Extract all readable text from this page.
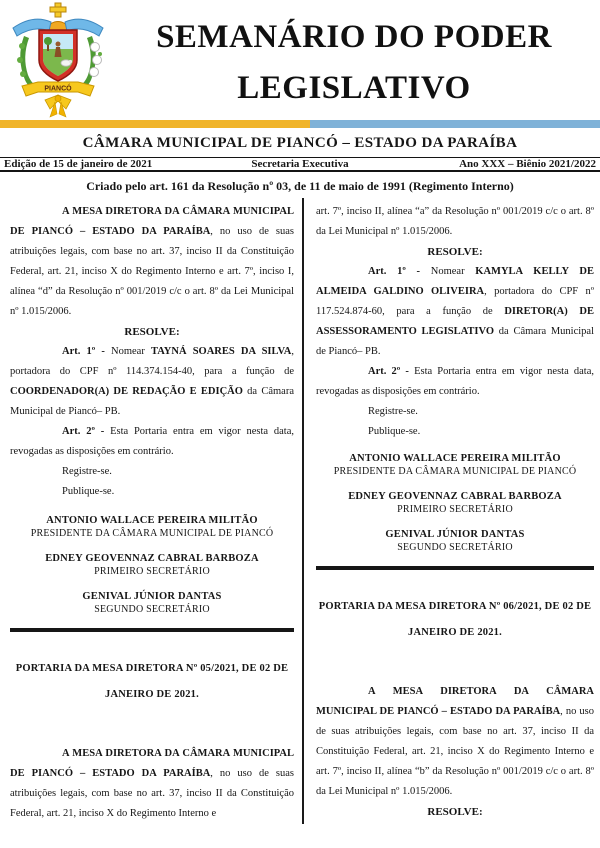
PIANCÓ
SEMANÁRIO DO PODER
LEGISLATIVO
CÂMARA MUNICIPAL DE PIANCÓ – ESTADO DA PARAÍBA
Edição de 15 de janeiro de 2021	Secretaria Executiva	Ano XXX – Biênio 2021/2022
Criado pelo art. 161 da Resolução nº 03, de 11 de maio de 1991 (Regimento Interno)

A MESA DIRETORA DA CÂMARA MUNICIPAL DE PIANCÓ – ESTADO DA PARAÍBA, no uso de suas atribuições legais, com base no art. 37, inciso II da Constituição Federal, art. 21, inciso X do Regimento Interno e art. 7º, inciso I, alínea “d” da Resolução nº 001/2019 c/c o art. 8º da Lei Municipal nº 1.015/2006.

RESOLVE:

Art. 1º - Nomear TAYNÁ SOARES DA SILVA, portadora do CPF nº 114.374.154-40, para a função de COORDENADOR(A) DE REDAÇÃO E EDIÇÃO da Câmara Municipal de Piancó– PB.

Art. 2º - Esta Portaria entra em vigor nesta data, revogadas as disposições em contrário.

Registre-se.

Publique-se.

ANTONIO WALLACE PEREIRA MILITÃO
PRESIDENTE DA CÂMARA MUNICIPAL DE PIANCÓ
EDNEY GEOVENNAZ CABRAL BARBOZA
PRIMEIRO SECRETÁRIO
GENIVAL JÚNIOR DANTAS
SEGUNDO SECRETÁRIO

PORTARIA DA MESA DIRETORA Nº 05/2021, DE 02 DE JANEIRO DE 2021.

A MESA DIRETORA DA CÂMARA MUNICIPAL DE PIANCÓ – ESTADO DA PARAÍBA, no uso de suas atribuições legais, com base no art. 37, inciso II da Constituição Federal, art. 21, inciso X do Regimento Interno e

art. 7º, inciso II, alínea “a” da Resolução nº 001/2019 c/c o art. 8º da Lei Municipal nº 1.015/2006.

RESOLVE:

Art. 1º - Nomear KAMYLA KELLY DE ALMEIDA GALDINO OLIVEIRA, portadora do CPF nº 117.524.874-60, para a função de DIRETOR(A) DE ASSESSORAMENTO LEGISLATIVO da Câmara Municipal de Piancó– PB.

Art. 2º - Esta Portaria entra em vigor nesta data, revogadas as disposições em contrário.

Registre-se.

Publique-se.

ANTONIO WALLACE PEREIRA MILITÃO
PRESIDENTE DA CÂMARA MUNICIPAL DE PIANCÓ
EDNEY GEOVENNAZ CABRAL BARBOZA
PRIMEIRO SECRETÁRIO
GENIVAL JÚNIOR DANTAS
SEGUNDO SECRETÁRIO

PORTARIA DA MESA DIRETORA Nº 06/2021, DE 02 DE JANEIRO DE 2021.

A MESA DIRETORA DA CÂMARA MUNICIPAL DE PIANCÓ – ESTADO DA PARAÍBA, no uso de suas atribuições legais, com base no art. 37, inciso II da Constituição Federal, art. 21, inciso X do Regimento Interno e art. 7º, inciso II, alínea “b” da Resolução nº 001/2019 c/c o art. 8º da Lei Municipal nº 1.015/2006.

RESOLVE:
